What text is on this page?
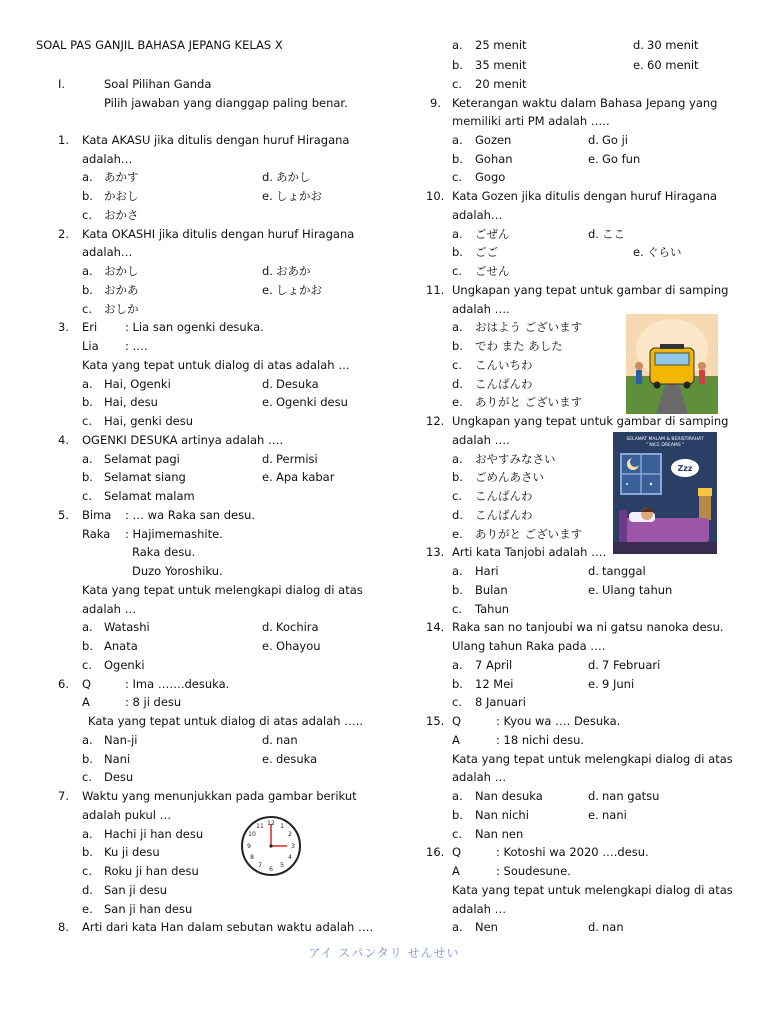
SOAL PAS GANJIL BAHASA JEPANG KELAS X
I.	Soal Pilihan Ganda
Pilih jawaban yang dianggap paling benar.
1. Kata AKASU jika ditulis dengan huruf Hiragana
adalah…
a. あかす	d. あかし
b. かおし	e. しょかお
c. おかさ
2. Kata OKASHI jika ditulis dengan huruf Hiragana
adalah…
a. おかし	d. おあか
b. おかあ	e. しょかお
c. おしか
3. Eri : Lia san ogenki desuka.
Lia : ….
Kata yang tepat untuk dialog di atas adalah …
a. Hai, Ogenki	d. Desuka
b. Hai, desu	e. Ogenki desu
c. Hai, genki desu
4. OGENKI DESUKA artinya adalah ….
a. Selamat pagi	d. Permisi
b. Selamat siang	e. Apa kabar
c. Selamat malam
5. Bima : … wa Raka san desu.
Raka : Hajimemashite.
Raka desu.
Duzo Yoroshiku.
Kata yang tepat untuk melengkapi dialog di atas
adalah …
a. Watashi	d. Kochira
b. Anata	e. Ohayou
c. Ogenki
6. Q	: Ima …….desuka.
A	: 8 ji desu
Kata yang tepat untuk dialog di atas adalah …..
a. Nan-ji	d. nan
b. Nani	e. desuka
c. Desu
7. Waktu yang menunjukkan pada gambar berikut
adalah pukul …
a. Hachi ji han desu
b. Ku ji desu
c. Roku ji han desu
d. San ji desu
e. San ji han desu
12 1
2
3
4
5
6
7
8
9
10
11
8. Arti dari kata Han dalam sebutan waktu adalah ….
a. 25 menit	d. 30 menit
b. 35 menit	e. 60 menit
c. 20 menit
9. Keterangan waktu dalam Bahasa Jepang yang
memiliki arti PM adalah …..
a. Gozen	d. Go ji
b. Gohan	e. Go fun
c. Gogo
10. Kata Gozen jika ditulis dengan huruf Hiragana
adalah…
a. ごぜん	d. ここ
b. ごご	e. ぐらい
c. ごせん
11. Ungkapan yang tepat untuk gambar di samping
adalah ….
a. おはよう ございます
b. でわ また あした
c. こんいちわ
d. こんばんわ
e. ありがと ございます
12. Ungkapan yang tepat untuk gambar di samping
adalah ….
a. おやすみなさい
b. ごめんあさい
c. こんばんわ
d. こんばんわ
e. ありがと ございます
SELAMAT MALAM & BERISTIRAHAT
" NICE DREAMS "
Zzz
13. Arti kata Tanjobi adalah ….
a. Hari	d. tanggal
b. Bulan	e. Ulang tahun
c. Tahun
14. Raka san no tanjoubi wa ni gatsu nanoka desu.
Ulang tahun Raka pada ….
a. 7 April	d. 7 Februari
b. 12 Mei	e. 9 Juni
c. 8 Januari
15. Q	: Kyou wa …. Desuka.
A	: 18 nichi desu.
Kata yang tepat untuk melengkapi dialog di atas
adalah …
a. Nan desuka	d. nan gatsu
b. Nan nichi	e. nani
c. Nan nen
16. Q	: Kotoshi wa 2020 ….desu.
A	: Soudesune.
Kata yang tepat untuk melengkapi dialog di atas
adalah …
a. Nen	d. nan
アイ スパンタリ せんせい
